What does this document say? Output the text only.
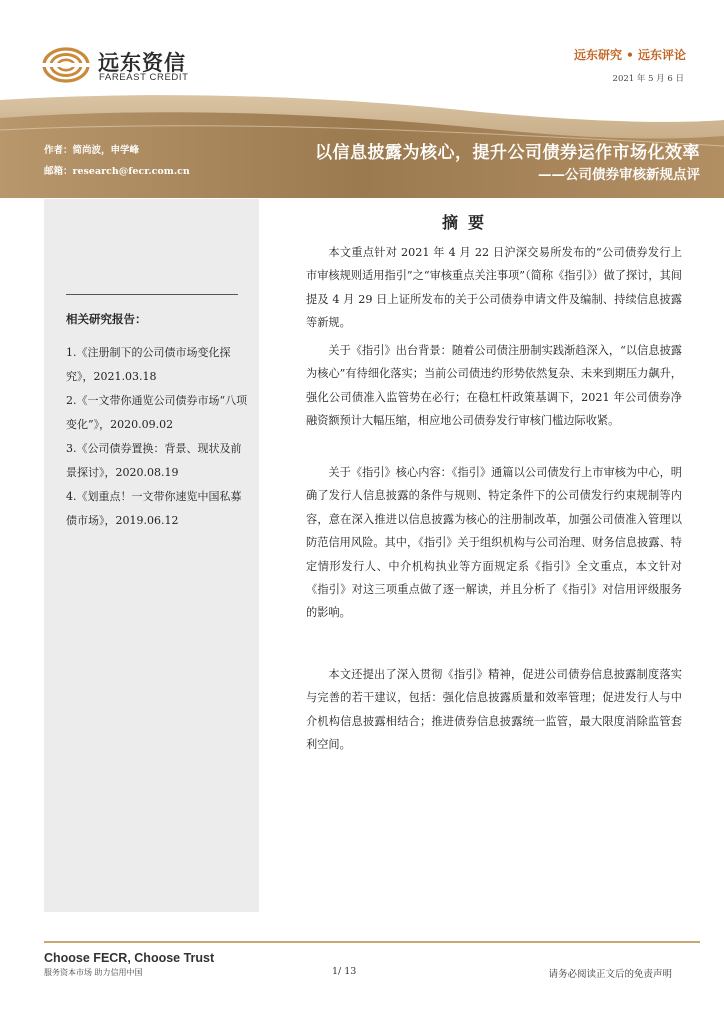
远东资信
FAREAST CREDIT
远东研究 • 远东评论
2021 年 5 月 6 日
作者：简尚波，申学峰
邮箱：research@fecr.com.cn
以信息披露为核心，提升公司债券运作市场化效率
——公司债券审核新规点评
相关研究报告：
1.《注册制下的公司债市场变化探究》，2021.03.18
2.《一文带你通览公司债券市场“八项变化”》，2020.09.02
3.《公司债券置换：背景、现状及前景探讨》，2020.08.19
4.《划重点！一文带你速览中国私募债市场》，2019.06.12
摘要

本文重点针对 2021 年 4 月 22 日沪深交易所发布的“公司债券发行上市审核规则适用指引”之“审核重点关注事项”（简称《指引》）做了探讨，其间提及 4 月 29 日上证所发布的关于公司债券申请文件及编制、持续信息披露等新规。

关于《指引》出台背景：随着公司债注册制实践渐趋深入，“以信息披露为核心”有待细化落实；当前公司债违约形势依然复杂、未来到期压力飙升，强化公司债准入监管势在必行；在稳杠杆政策基调下，2021 年公司债券净融资额预计大幅压缩，相应地公司债券发行审核门槛边际收紧。

关于《指引》核心内容：《指引》通篇以公司债发行上市审核为中心，明确了发行人信息披露的条件与规则、特定条件下的公司债发行约束规制等内容，意在深入推进以信息披露为核心的注册制改革，加强公司债准入管理以防范信用风险。其中，《指引》关于组织机构与公司治理、财务信息披露、特定情形发行人、中介机构执业等方面规定系《指引》全文重点，本文针对《指引》对这三项重点做了逐一解读，并且分析了《指引》对信用评级服务的影响。

本文还提出了深入贯彻《指引》精神，促进公司债券信息披露制度落实与完善的若干建议，包括：强化信息披露质量和效率管理；促进发行人与中介机构信息披露相结合；推进债券信息披露统一监管，最大限度消除监管套利空间。

Choose FECR, Choose Trust
服务资本市场 助力信用中国	1/ 13	请务必阅读正文后的免责声明
